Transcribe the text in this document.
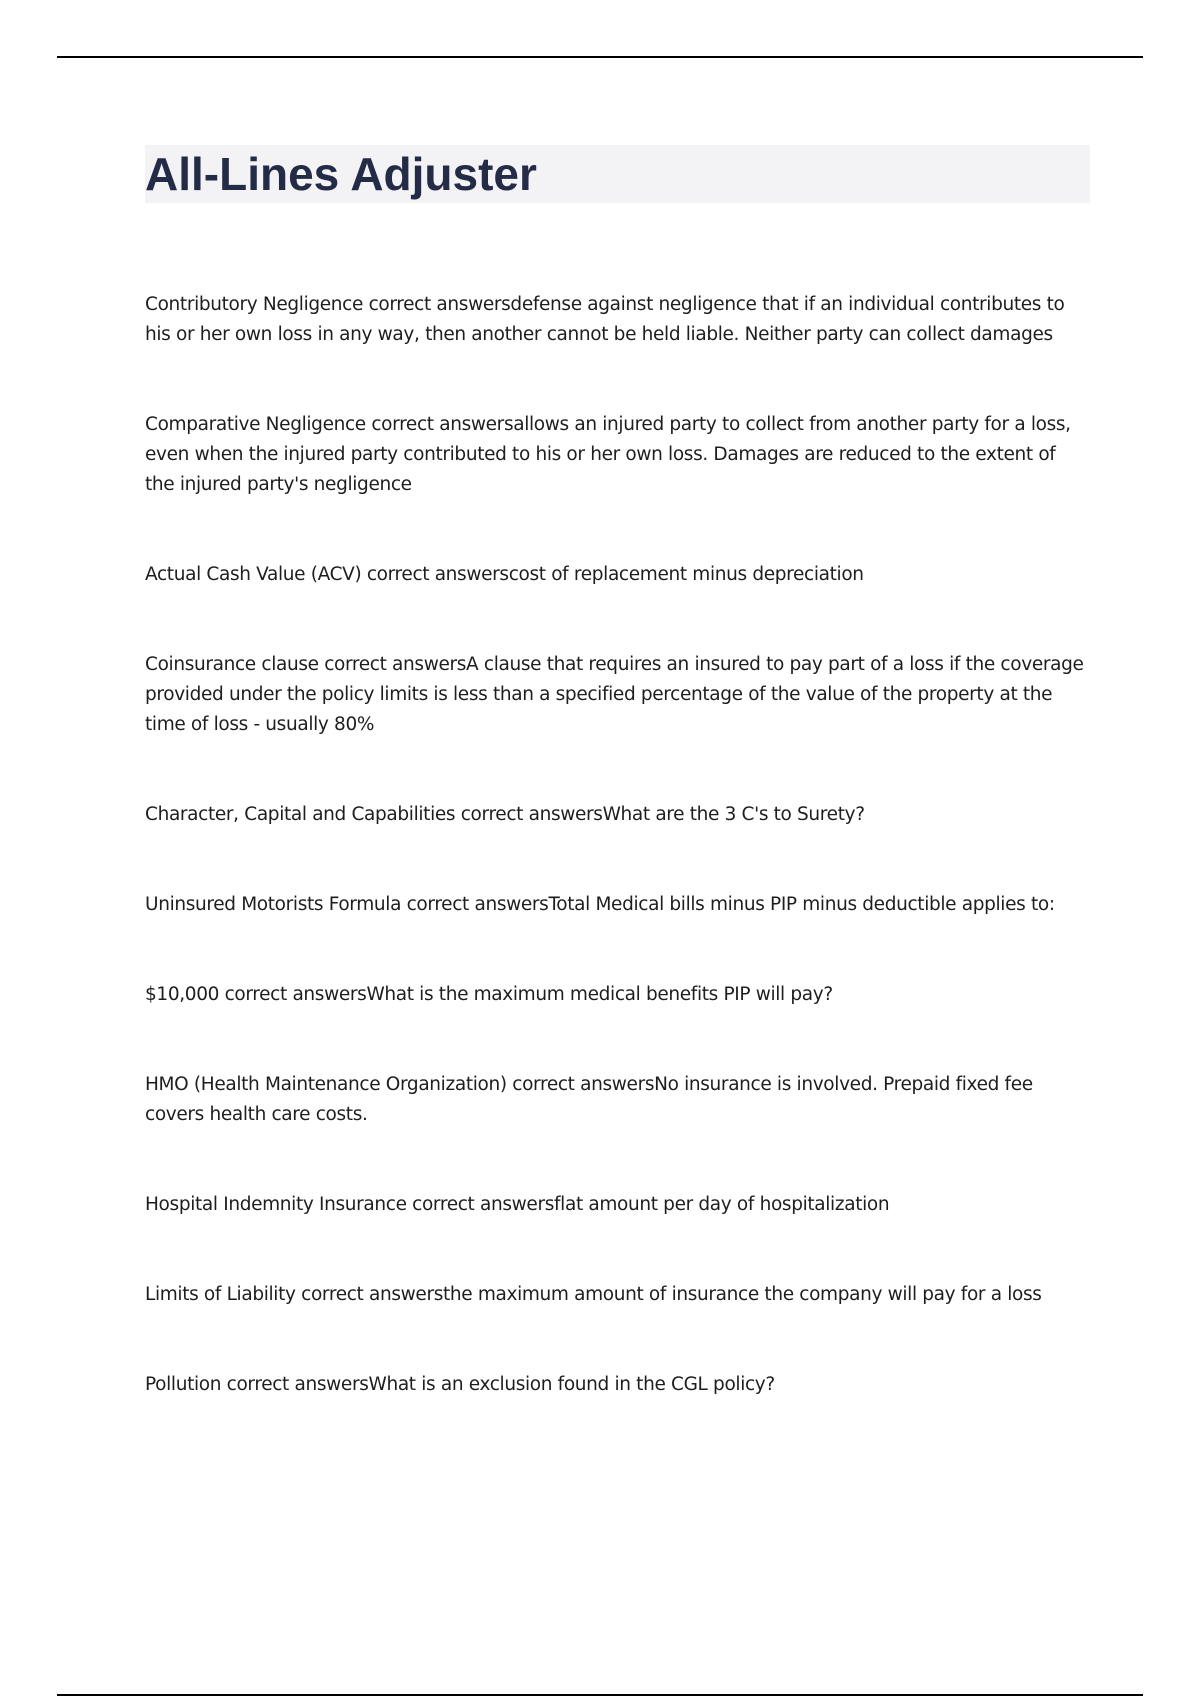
All-Lines Adjuster
Contributory Negligence correct answersdefense against negligence that if an individual contributes to his or her own loss in any way, then another cannot be held liable. Neither party can collect damages
Comparative Negligence correct answersallows an injured party to collect from another party for a loss, even when the injured party contributed to his or her own loss. Damages are reduced to the extent of the injured party's negligence
Actual Cash Value (ACV) correct answerscost of replacement minus depreciation
Coinsurance clause correct answersA clause that requires an insured to pay part of a loss if the coverage provided under the policy limits is less than a specified percentage of the value of the property at the time of loss - usually 80%
Character, Capital and Capabilities correct answersWhat are the 3 C's to Surety?
Uninsured Motorists Formula correct answersTotal Medical bills minus PIP minus deductible applies to:
$10,000 correct answersWhat is the maximum medical benefits PIP will pay?
HMO (Health Maintenance Organization) correct answersNo insurance is involved. Prepaid fixed fee covers health care costs.
Hospital Indemnity Insurance correct answersflat amount per day of hospitalization
Limits of Liability correct answersthe maximum amount of insurance the company will pay for a loss
Pollution correct answersWhat is an exclusion found in the CGL policy?
